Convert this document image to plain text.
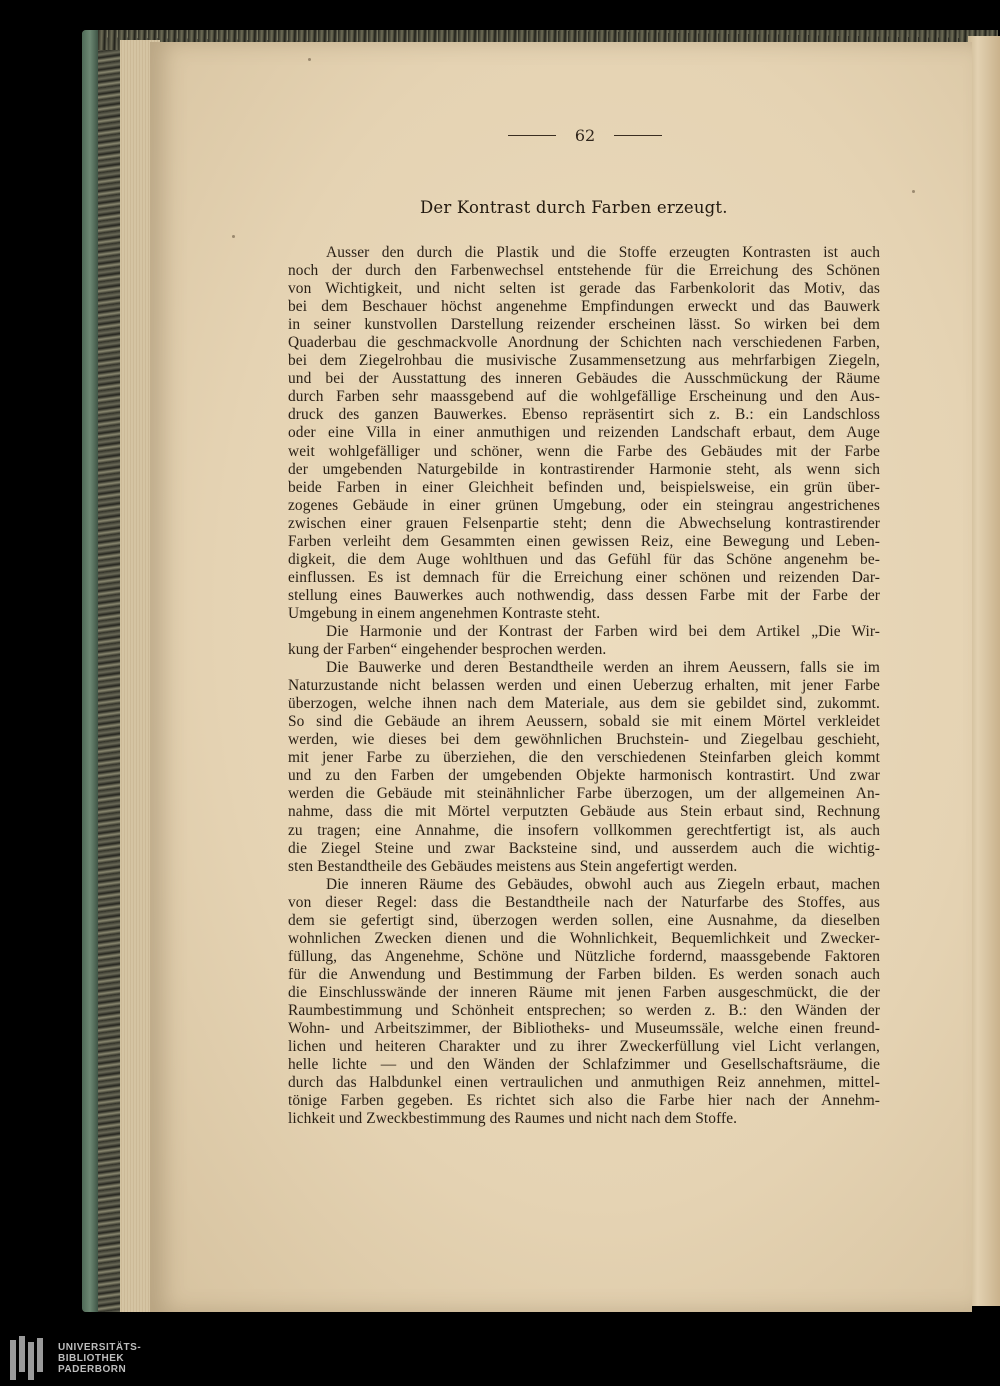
62
Der Kontrast durch Farben erzeugt.
Ausser den durch die Plastik und die Stoffe erzeugten Kontrasten ist auch
noch der durch den Farbenwechsel entstehende für die Erreichung des Schönen
von Wichtigkeit, und nicht selten ist gerade das Farbenkolorit das Motiv, das
bei dem Beschauer höchst angenehme Empfindungen erweckt und das Bauwerk
in seiner kunstvollen Darstellung reizender erscheinen lässt. So wirken bei dem
Quaderbau die geschmackvolle Anordnung der Schichten nach verschiedenen Farben,
bei dem Ziegelrohbau die musivische Zusammensetzung aus mehrfarbigen Ziegeln,
und bei der Ausstattung des inneren Gebäudes die Ausschmückung der Räume
durch Farben sehr maassgebend auf die wohlgefällige Erscheinung und den Aus-
druck des ganzen Bauwerkes. Ebenso repräsentirt sich z. B.: ein Landschloss
oder eine Villa in einer anmuthigen und reizenden Landschaft erbaut, dem Auge
weit wohlgefälliger und schöner, wenn die Farbe des Gebäudes mit der Farbe
der umgebenden Naturgebilde in kontrastirender Harmonie steht, als wenn sich
beide Farben in einer Gleichheit befinden und, beispielsweise, ein grün über-
zogenes Gebäude in einer grünen Umgebung, oder ein steingrau angestrichenes
zwischen einer grauen Felsenpartie steht; denn die Abwechselung kontrastirender
Farben verleiht dem Gesammten einen gewissen Reiz, eine Bewegung und Leben-
digkeit, die dem Auge wohlthuen und das Gefühl für das Schöne angenehm be-
einflussen. Es ist demnach für die Erreichung einer schönen und reizenden Dar-
stellung eines Bauwerkes auch nothwendig, dass dessen Farbe mit der Farbe der
Umgebung in einem angenehmen Kontraste steht.
Die Harmonie und der Kontrast der Farben wird bei dem Artikel „Die Wir-
kung der Farben“ eingehender besprochen werden.
Die Bauwerke und deren Bestandtheile werden an ihrem Aeussern, falls sie im
Naturzustande nicht belassen werden und einen Ueberzug erhalten, mit jener Farbe
überzogen, welche ihnen nach dem Materiale, aus dem sie gebildet sind, zukommt.
So sind die Gebäude an ihrem Aeussern, sobald sie mit einem Mörtel verkleidet
werden, wie dieses bei dem gewöhnlichen Bruchstein- und Ziegelbau geschieht,
mit jener Farbe zu überziehen, die den verschiedenen Steinfarben gleich kommt
und zu den Farben der umgebenden Objekte harmonisch kontrastirt. Und zwar
werden die Gebäude mit steinähnlicher Farbe überzogen, um der allgemeinen An-
nahme, dass die mit Mörtel verputzten Gebäude aus Stein erbaut sind, Rechnung
zu tragen; eine Annahme, die insofern vollkommen gerechtfertigt ist, als auch
die Ziegel Steine und zwar Backsteine sind, und ausserdem auch die wichtig-
sten Bestandtheile des Gebäudes meistens aus Stein angefertigt werden.
Die inneren Räume des Gebäudes, obwohl auch aus Ziegeln erbaut, machen
von dieser Regel: dass die Bestandtheile nach der Naturfarbe des Stoffes, aus
dem sie gefertigt sind, überzogen werden sollen, eine Ausnahme, da dieselben
wohnlichen Zwecken dienen und die Wohnlichkeit, Bequemlichkeit und Zwecker-
füllung, das Angenehme, Schöne und Nützliche fordernd, maassgebende Faktoren
für die Anwendung und Bestimmung der Farben bilden. Es werden sonach auch
die Einschlusswände der inneren Räume mit jenen Farben ausgeschmückt, die der
Raumbestimmung und Schönheit entsprechen; so werden z. B.: den Wänden der
Wohn- und Arbeitszimmer, der Bibliotheks- und Museumssäle, welche einen freund-
lichen und heiteren Charakter und zu ihrer Zweckerfüllung viel Licht verlangen,
helle lichte — und den Wänden der Schlafzimmer und Gesellschaftsräume, die
durch das Halbdunkel einen vertraulichen und anmuthigen Reiz annehmen, mittel-
tönige Farben gegeben. Es richtet sich also die Farbe hier nach der Annehm-
lichkeit und Zweckbestimmung des Raumes und nicht nach dem Stoffe.
UNIVERSITÄTS-
BIBLIOTHEK
PADERBORN
